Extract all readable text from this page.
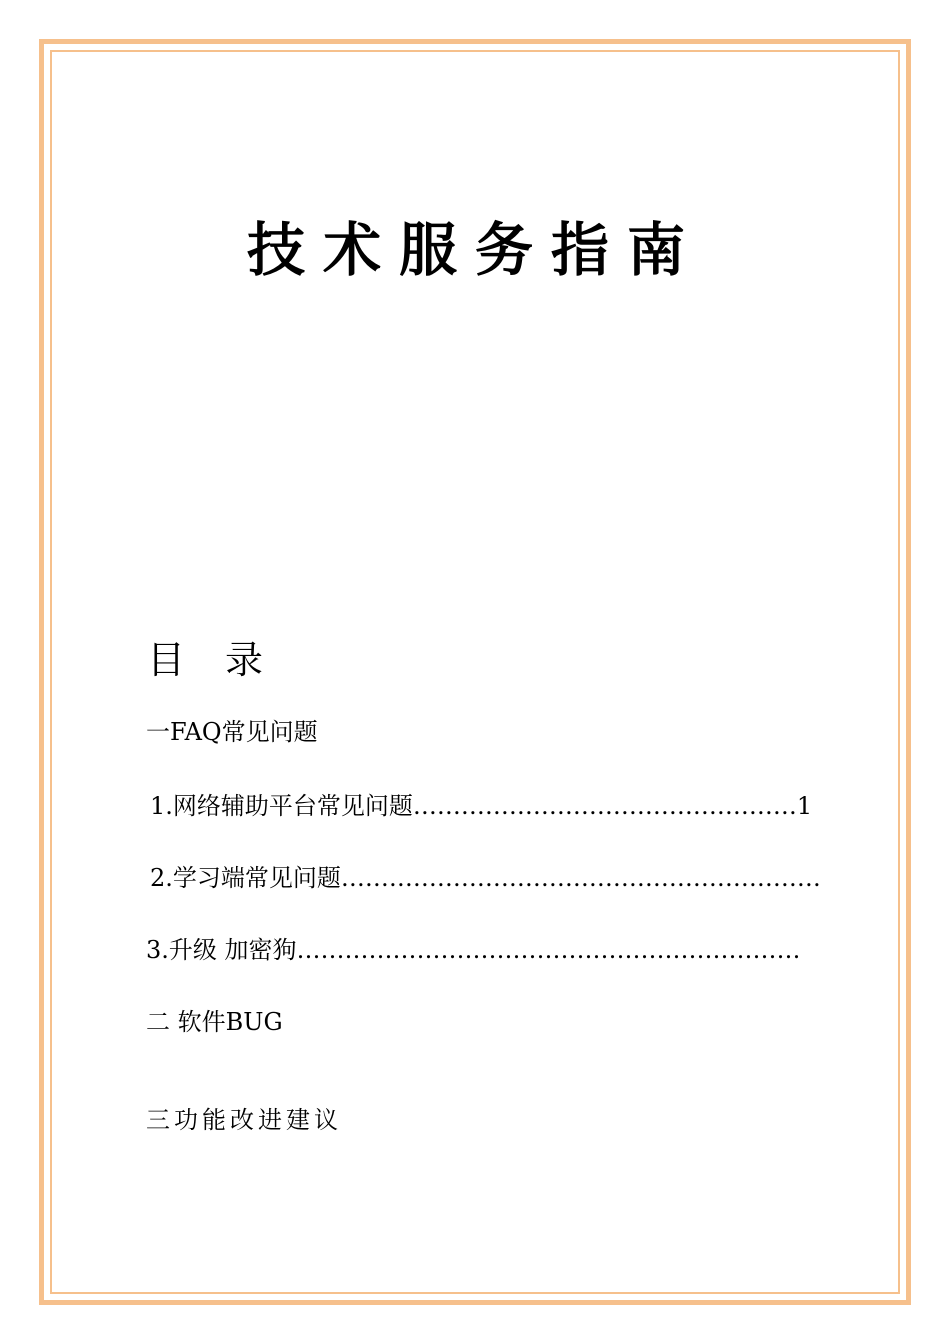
技术服务指南
目 录
一FAQ常见问题
1.网络辅助平台常见问题…………………………………………1
2.学习端常见问题……………………………………………………
3.升级 加密狗………………………………………………………
二 软件BUG
三功能改进建议
